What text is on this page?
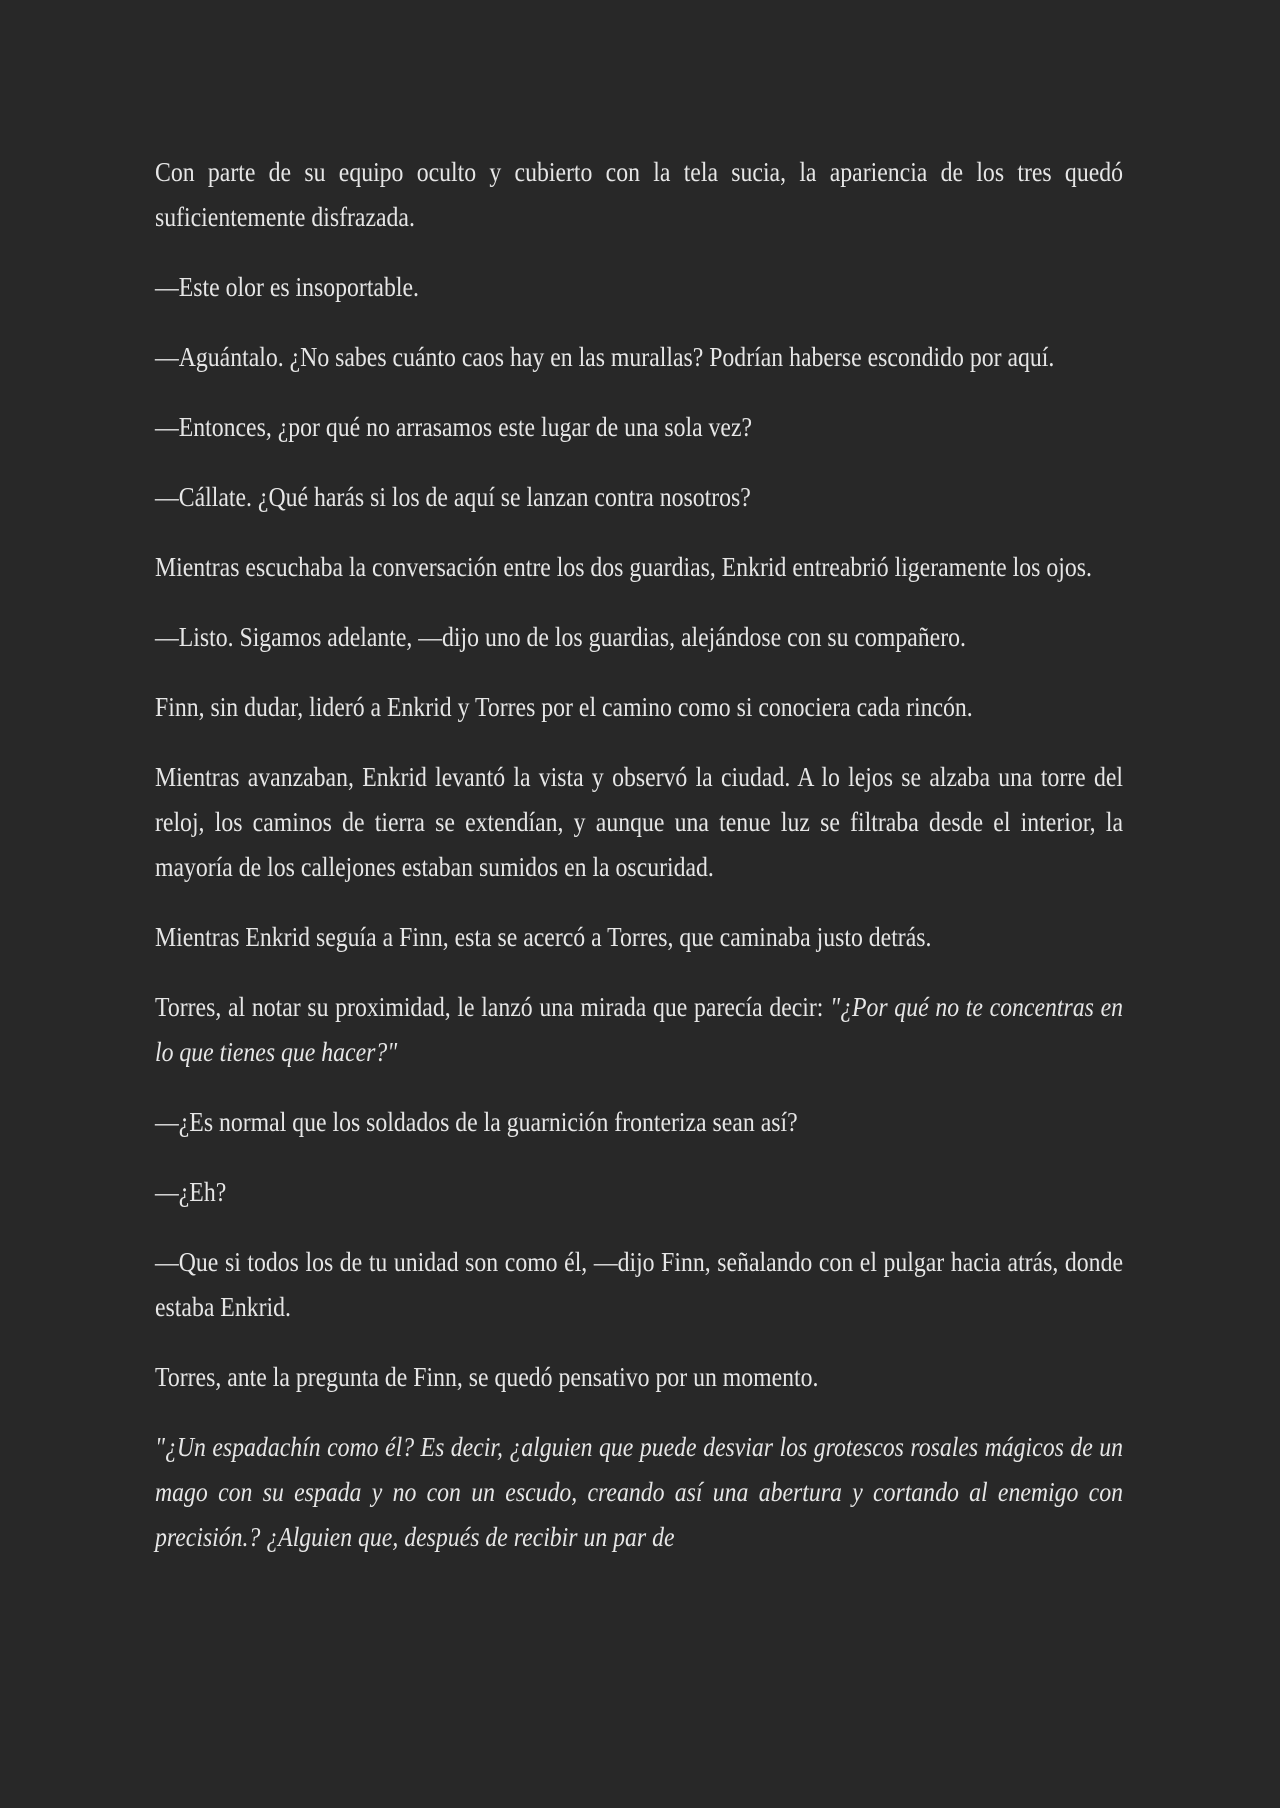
Con parte de su equipo oculto y cubierto con la tela sucia, la apariencia de los tres quedó suficientemente disfrazada.

—Este olor es insoportable.

—Aguántalo. ¿No sabes cuánto caos hay en las murallas? Podrían haberse escondido por aquí.

—Entonces, ¿por qué no arrasamos este lugar de una sola vez?

—Cállate. ¿Qué harás si los de aquí se lanzan contra nosotros?

Mientras escuchaba la conversación entre los dos guardias, Enkrid entreabrió ligeramente los ojos.

—Listo. Sigamos adelante, —dijo uno de los guardias, alejándose con su compañero.

Finn, sin dudar, lideró a Enkrid y Torres por el camino como si conociera cada rincón.

Mientras avanzaban, Enkrid levantó la vista y observó la ciudad. A lo lejos se alzaba una torre del reloj, los caminos de tierra se extendían, y aunque una tenue luz se filtraba desde el interior, la mayoría de los callejones estaban sumidos en la oscuridad.

Mientras Enkrid seguía a Finn, esta se acercó a Torres, que caminaba justo detrás.

Torres, al notar su proximidad, le lanzó una mirada que parecía decir: "¿Por qué no te concentras en lo que tienes que hacer?"

—¿Es normal que los soldados de la guarnición fronteriza sean así?

—¿Eh?

—Que si todos los de tu unidad son como él, —dijo Finn, señalando con el pulgar hacia atrás, donde estaba Enkrid.

Torres, ante la pregunta de Finn, se quedó pensativo por un momento.

"¿Un espadachín como él? Es decir, ¿alguien que puede desviar los grotescos rosales mágicos de un mago con su espada y no con un escudo, creando así una abertura y cortando al enemigo con precisión.? ¿Alguien que, después de recibir un par de
